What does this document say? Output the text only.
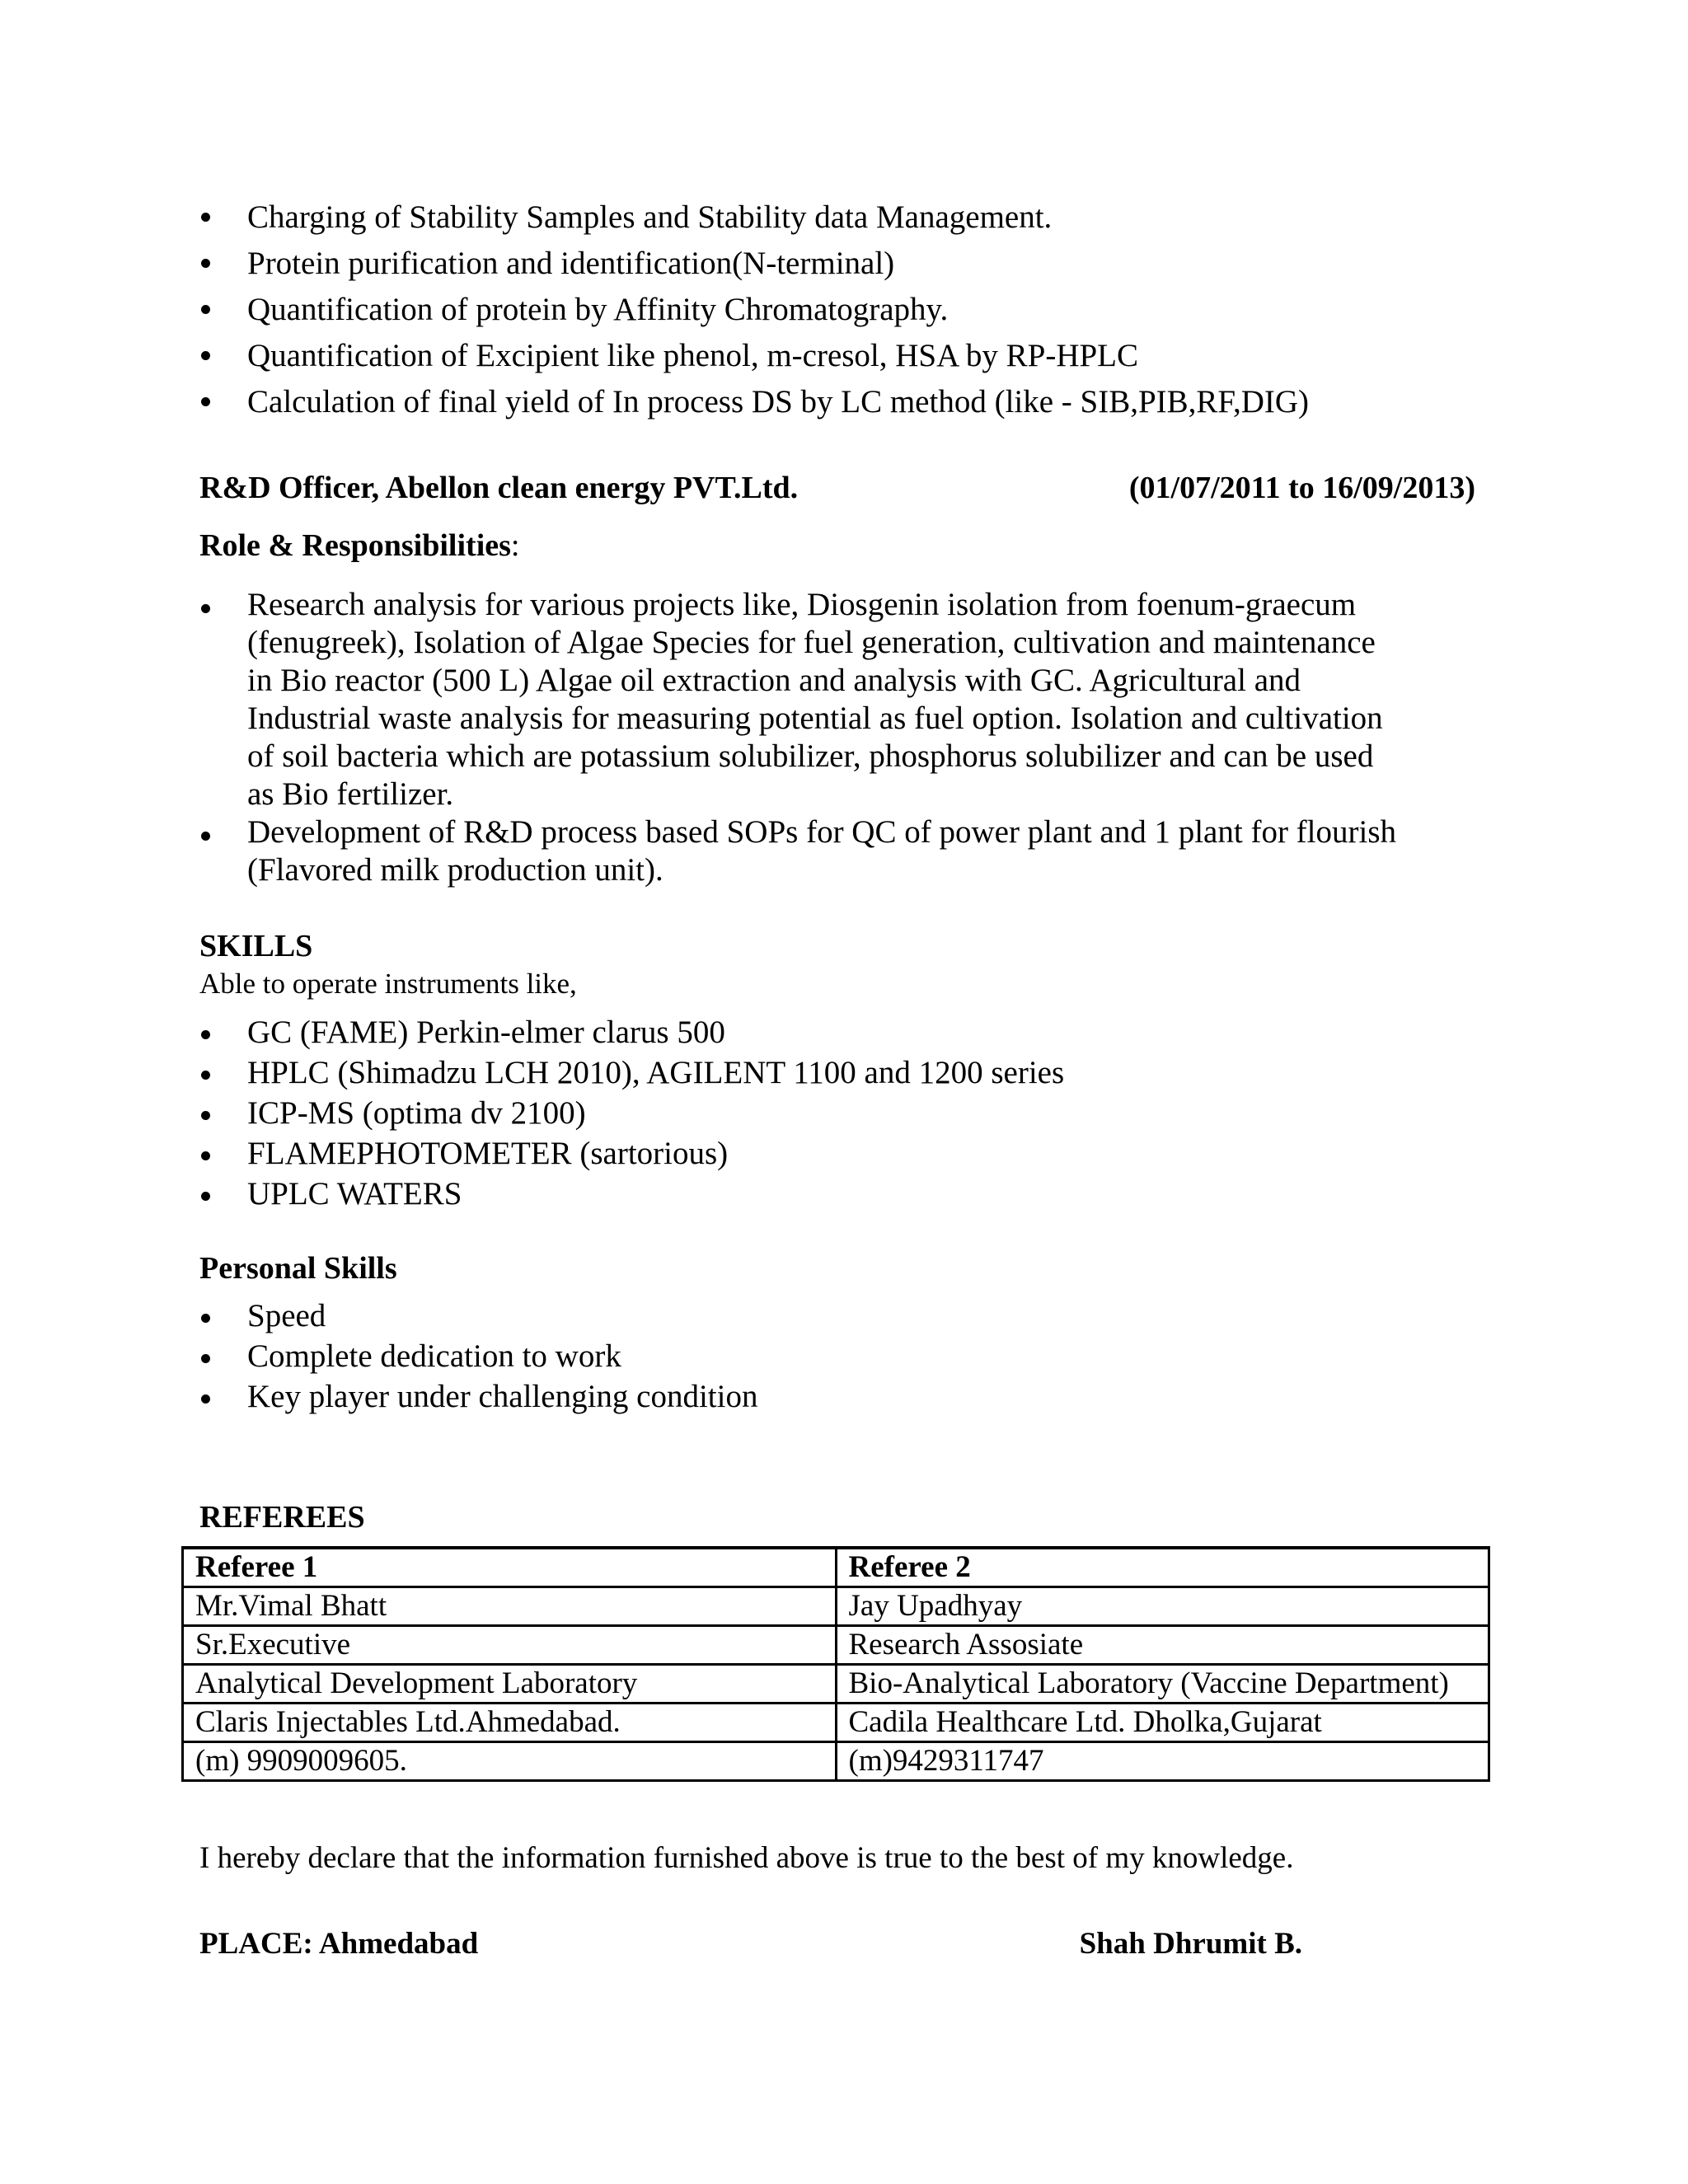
Charging of Stability Samples and Stability data Management.
Protein purification and identification(N-terminal)
Quantification of protein by Affinity Chromatography.
Quantification of Excipient like phenol, m-cresol, HSA by RP-HPLC
Calculation of final yield of In process DS by LC method (like - SIB,PIB,RF,DIG)
R&D Officer, Abellon clean energy PVT.Ltd.	(01/07/2011 to 16/09/2013)
Role & Responsibilities:
Research analysis for various projects like, Diosgenin isolation from foenum-graecum
(fenugreek), Isolation of Algae Species for fuel generation, cultivation and maintenance
in Bio reactor (500 L) Algae oil extraction and analysis with GC. Agricultural and
Industrial waste analysis for measuring potential as fuel option. Isolation and cultivation
of soil bacteria which are potassium solubilizer, phosphorus solubilizer and can be used
as Bio fertilizer.
Development of R&D process based SOPs for QC of power plant and 1 plant for flourish
(Flavored milk production unit).
SKILLS
Able to operate instruments like,
GC (FAME) Perkin-elmer clarus 500
HPLC (Shimadzu LCH 2010), AGILENT 1100 and 1200 series
ICP-MS (optima dv 2100)
FLAMEPHOTOMETER (sartorious)
UPLC WATERS
Personal Skills
Speed
Complete dedication to work
Key player under challenging condition
REFEREES
Referee 1	Referee 2
Mr.Vimal Bhatt	Jay Upadhyay
Sr.Executive	Research Assosiate
Analytical Development Laboratory	Bio-Analytical Laboratory (Vaccine Department)
Claris Injectables Ltd.Ahmedabad.	Cadila Healthcare Ltd. Dholka,Gujarat
(m) 9909009605.	(m)9429311747
I hereby declare that the information furnished above is true to the best of my knowledge.
PLACE: Ahmedabad	Shah Dhrumit B.
